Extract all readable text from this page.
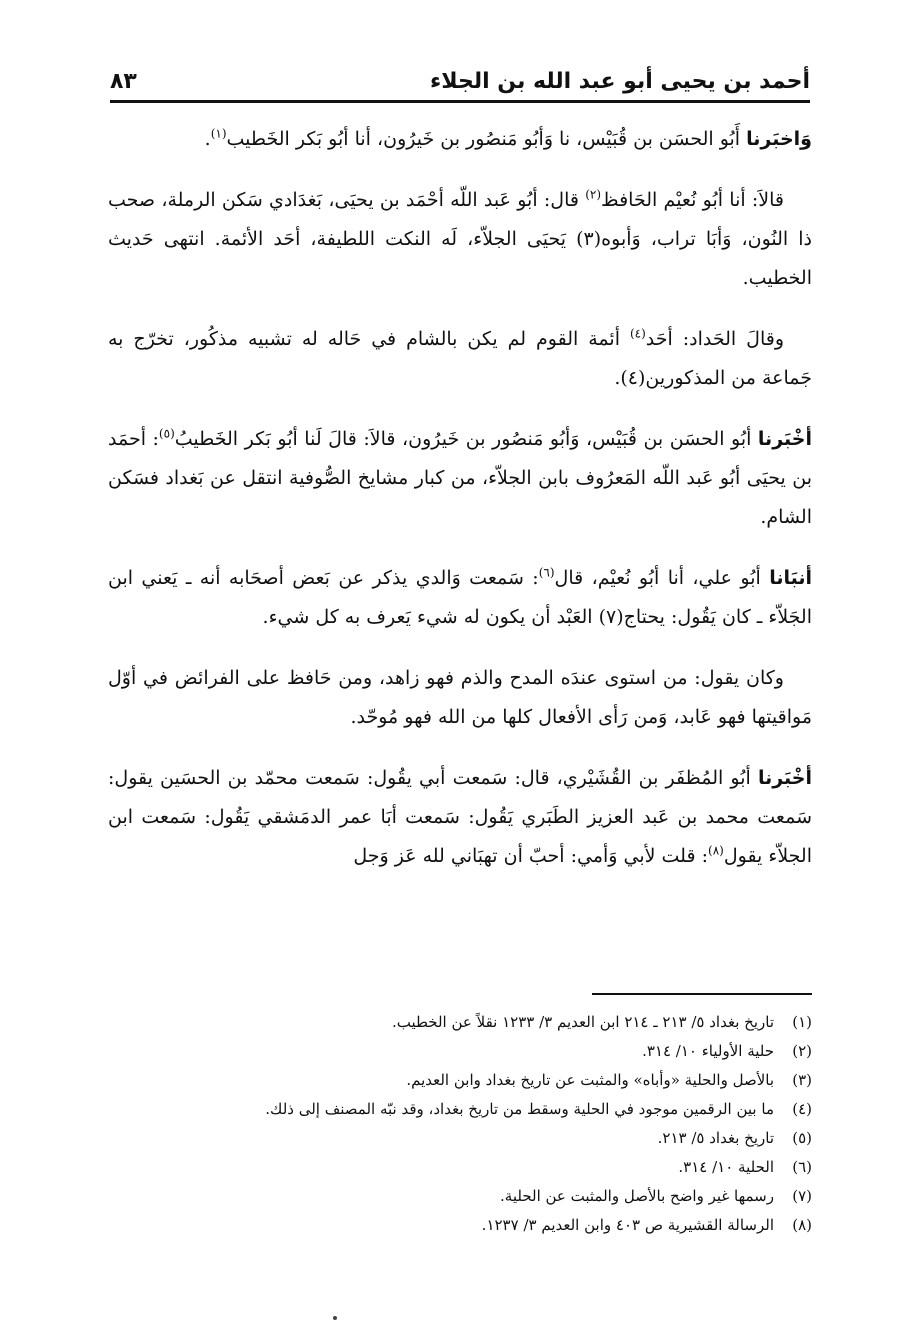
أحمد بن يحيى أبو عبد الله بن الجلاء
٨٣

وَاخبَرنا أَبُو الحسَن بن قُبَيْس، نا وَأبُو مَنصُور بن خَيرُون، أنا أبُو بَكر الخَطيب$^{(١)}$.

قالاَ: أنا أبُو نُعيْم الحَافظ$^{(٢)}$ قال: أبُو عَبد اللّه أحْمَد بن يحيَى، بَغدَادي سَكن الرملة، صحب ذا النُون، وَأبَا تراب، وَأبوه(٣) يَحيَى الجلاّء، لَه النكت اللطيفة، أحَد الأئمة. انتهى حَديث الخطيب.

وقالَ الحَداد: أحَد$^{(٤)}$ أئمة القوم لم يكن بالشام في حَاله له تشبيه مذكُور، تخرّج به جَماعة من المذكورين(٤).

أخْبَرنا أبُو الحسَن بن قُبَيْس، وَأبُو مَنصُور بن خَيرُون، قالاَ: قالَ لَنا أبُو بَكر الخَطيبُ$^{(٥)}$: أحمَد بن يحيَى أبُو عَبد اللّه المَعرُوف بابن الجلاّء، من كبار مشايخ الصُّوفية انتقل عن بَغداد فسَكن الشام.

أنبَانا أبُو علي، أنا أبُو نُعيْم، قال$^{(٦)}$: سَمعت وَالدي يذكر عن بَعض أصحَابه أنه ـ يَعني ابن الجَلاّء ـ كان يَقُول: يحتاج(٧) العَبْد أن يكون له شيء يَعرف به كل شيء.

وكان يقول: من استوى عندَه المدح والذم فهو زاهد، ومن حَافظ على الفرائض في أوّل مَواقيتها فهو عَابد، وَمن رَأى الأفعال كلها من الله فهو مُوحّد.

أخْبَرنا أبُو المُظفَر بن القُشَيْري، قال: سَمعت أبي يقُول: سَمعت محمّد بن الحسَين يقول: سَمعت محمد بن عَبد العزيز الطَبَري يَقُول: سَمعت أبَا عمر الدمَشقي يَقُول: سَمعت ابن الجلاّء يقول$^{(٨)}$: قلت لأبي وَأمي: أحبّ أن تهبَاني لله عَز وَجل

(١)
تاريخ بغداد ٥/ ٢١٣ ـ ٢١٤ ابن العديم ٣/ ١٢٣٣ نقلاً عن الخطيب.
(٢)
حلية الأولياء ١٠/ ٣١٤.
(٣)
بالأصل والحلية «وأباه» والمثبت عن تاريخ بغداد وابن العديم.
(٤)
ما بين الرقمين موجود في الحلية وسقط من تاريخ بغداد، وقد نبّه المصنف إلى ذلك.
(٥)
تاريخ بغداد ٥/ ٢١٣.
(٦)
الحلية ١٠/ ٣١٤.
(٧)
رسمها غير واضح بالأصل والمثبت عن الحلية.
(٨)
الرسالة القشيرية ص ٤٠٣ وابن العديم ٣/ ١٢٣٧.
